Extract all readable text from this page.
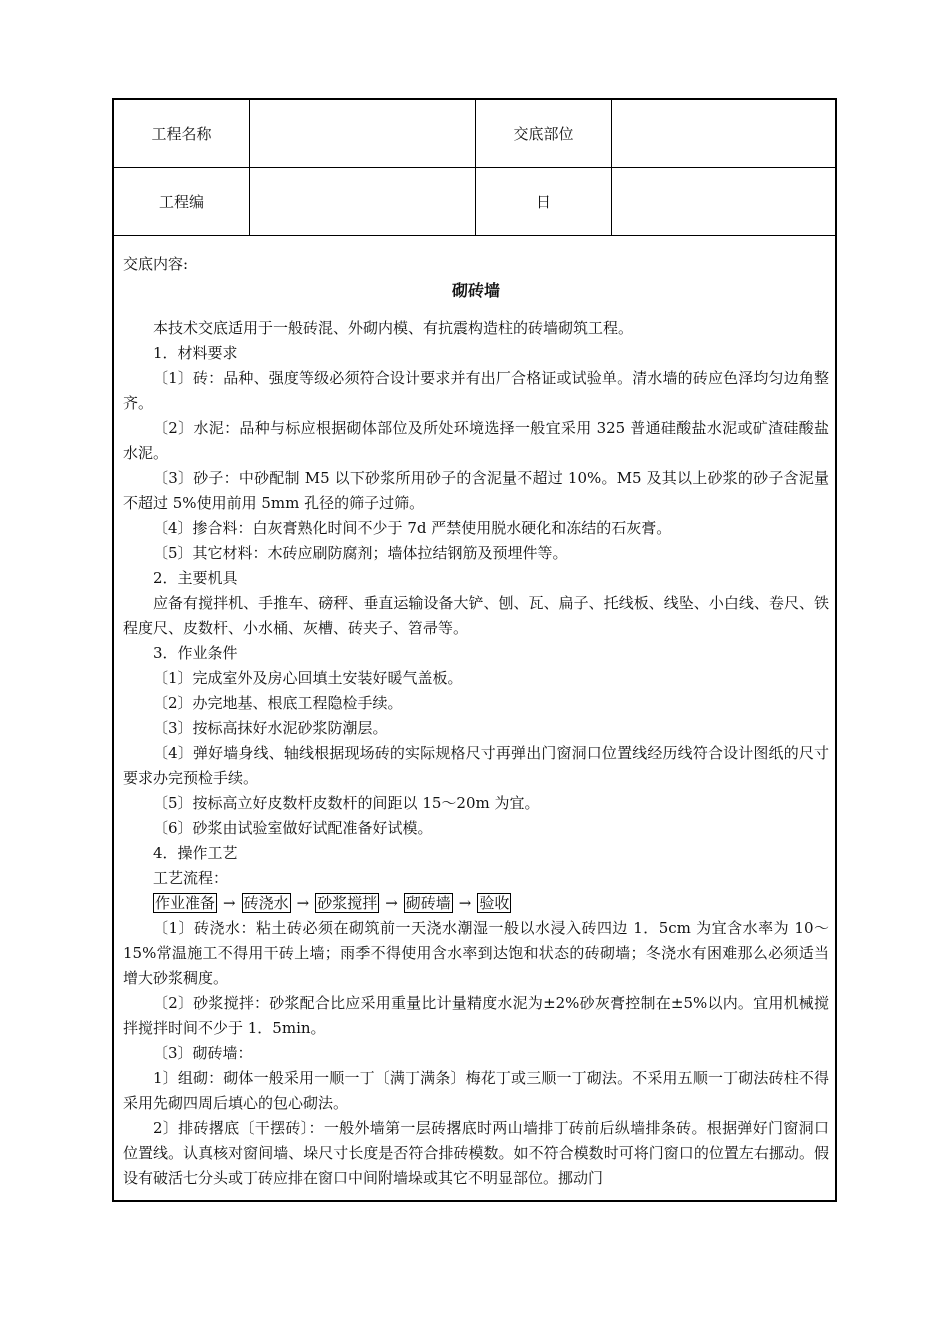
工程名称	交底部位
工程编	日
交底内容:
砌砖墙

本技术交底适用于一般砖混、外砌内模、有抗震构造柱的砖墙砌筑工程。

1．材料要求

〔1〕砖：品种、强度等级必须符合设计要求并有出厂合格证或试验单。清水墙的砖应色泽均匀边角整齐。

〔2〕水泥：品种与标应根据砌体部位及所处环境选择一般宜采用 325 普通硅酸盐水泥或矿渣硅酸盐水泥。

〔3〕砂子：中砂配制 M5 以下砂浆所用砂子的含泥量不超过 10%。M5 及其以上砂浆的砂子含泥量不超过 5%使用前用 5mm 孔径的筛子过筛。

〔4〕掺合料：白灰膏熟化时间不少于 7d 严禁使用脱水硬化和冻结的石灰膏。

〔5〕其它材料：木砖应刷防腐剂；墙体拉结钢筋及预埋件等。

2．主要机具

应备有搅拌机、手推车、磅秤、垂直运输设备大铲、刨、瓦、扁子、托线板、线坠、小白线、卷尺、铁程度尺、皮数杆、小水桶、灰槽、砖夹子、笤帚等。

3．作业条件

〔1〕完成室外及房心回填土安装好暖气盖板。

〔2〕办完地基、根底工程隐检手续。

〔3〕按标高抹好水泥砂浆防潮层。

〔4〕弹好墙身线、轴线根据现场砖的实际规格尺寸再弹出门窗洞口位置线经历线符合设计图纸的尺寸要求办完预检手续。

〔5〕按标高立好皮数杆皮数杆的间距以 15～20m 为宜。

〔6〕砂浆由试验室做好试配准备好试模。

4．操作工艺

工艺流程：

作业准备 → 砖浇水 → 砂浆搅拌 → 砌砖墙 → 验收

〔1〕砖浇水：粘土砖必须在砌筑前一天浇水潮湿一般以水浸入砖四边 1．5cm 为宜含水率为 10～15%常温施工不得用干砖上墙；雨季不得使用含水率到达饱和状态的砖砌墙；冬浇水有困难那么必须适当增大砂浆稠度。

〔2〕砂浆搅拌：砂浆配合比应采用重量比计量精度水泥为±2%砂灰膏控制在±5%以内。宜用机械搅拌搅拌时间不少于 1．5min。

〔3〕砌砖墙：

1〕组砌：砌体一般采用一顺一丁〔满丁满条〕梅花丁或三顺一丁砌法。不采用五顺一丁砌法砖柱不得采用先砌四周后填心的包心砌法。

2〕排砖撂底〔干摆砖〕：一般外墙第一层砖撂底时两山墙排丁砖前后纵墙排条砖。根据弹好门窗洞口位置线。认真核对窗间墙、垛尺寸长度是否符合排砖模数。如不符合模数时可将门窗口的位置左右挪动。假设有破活七分头或丁砖应排在窗口中间附墙垛或其它不明显部位。挪动门
